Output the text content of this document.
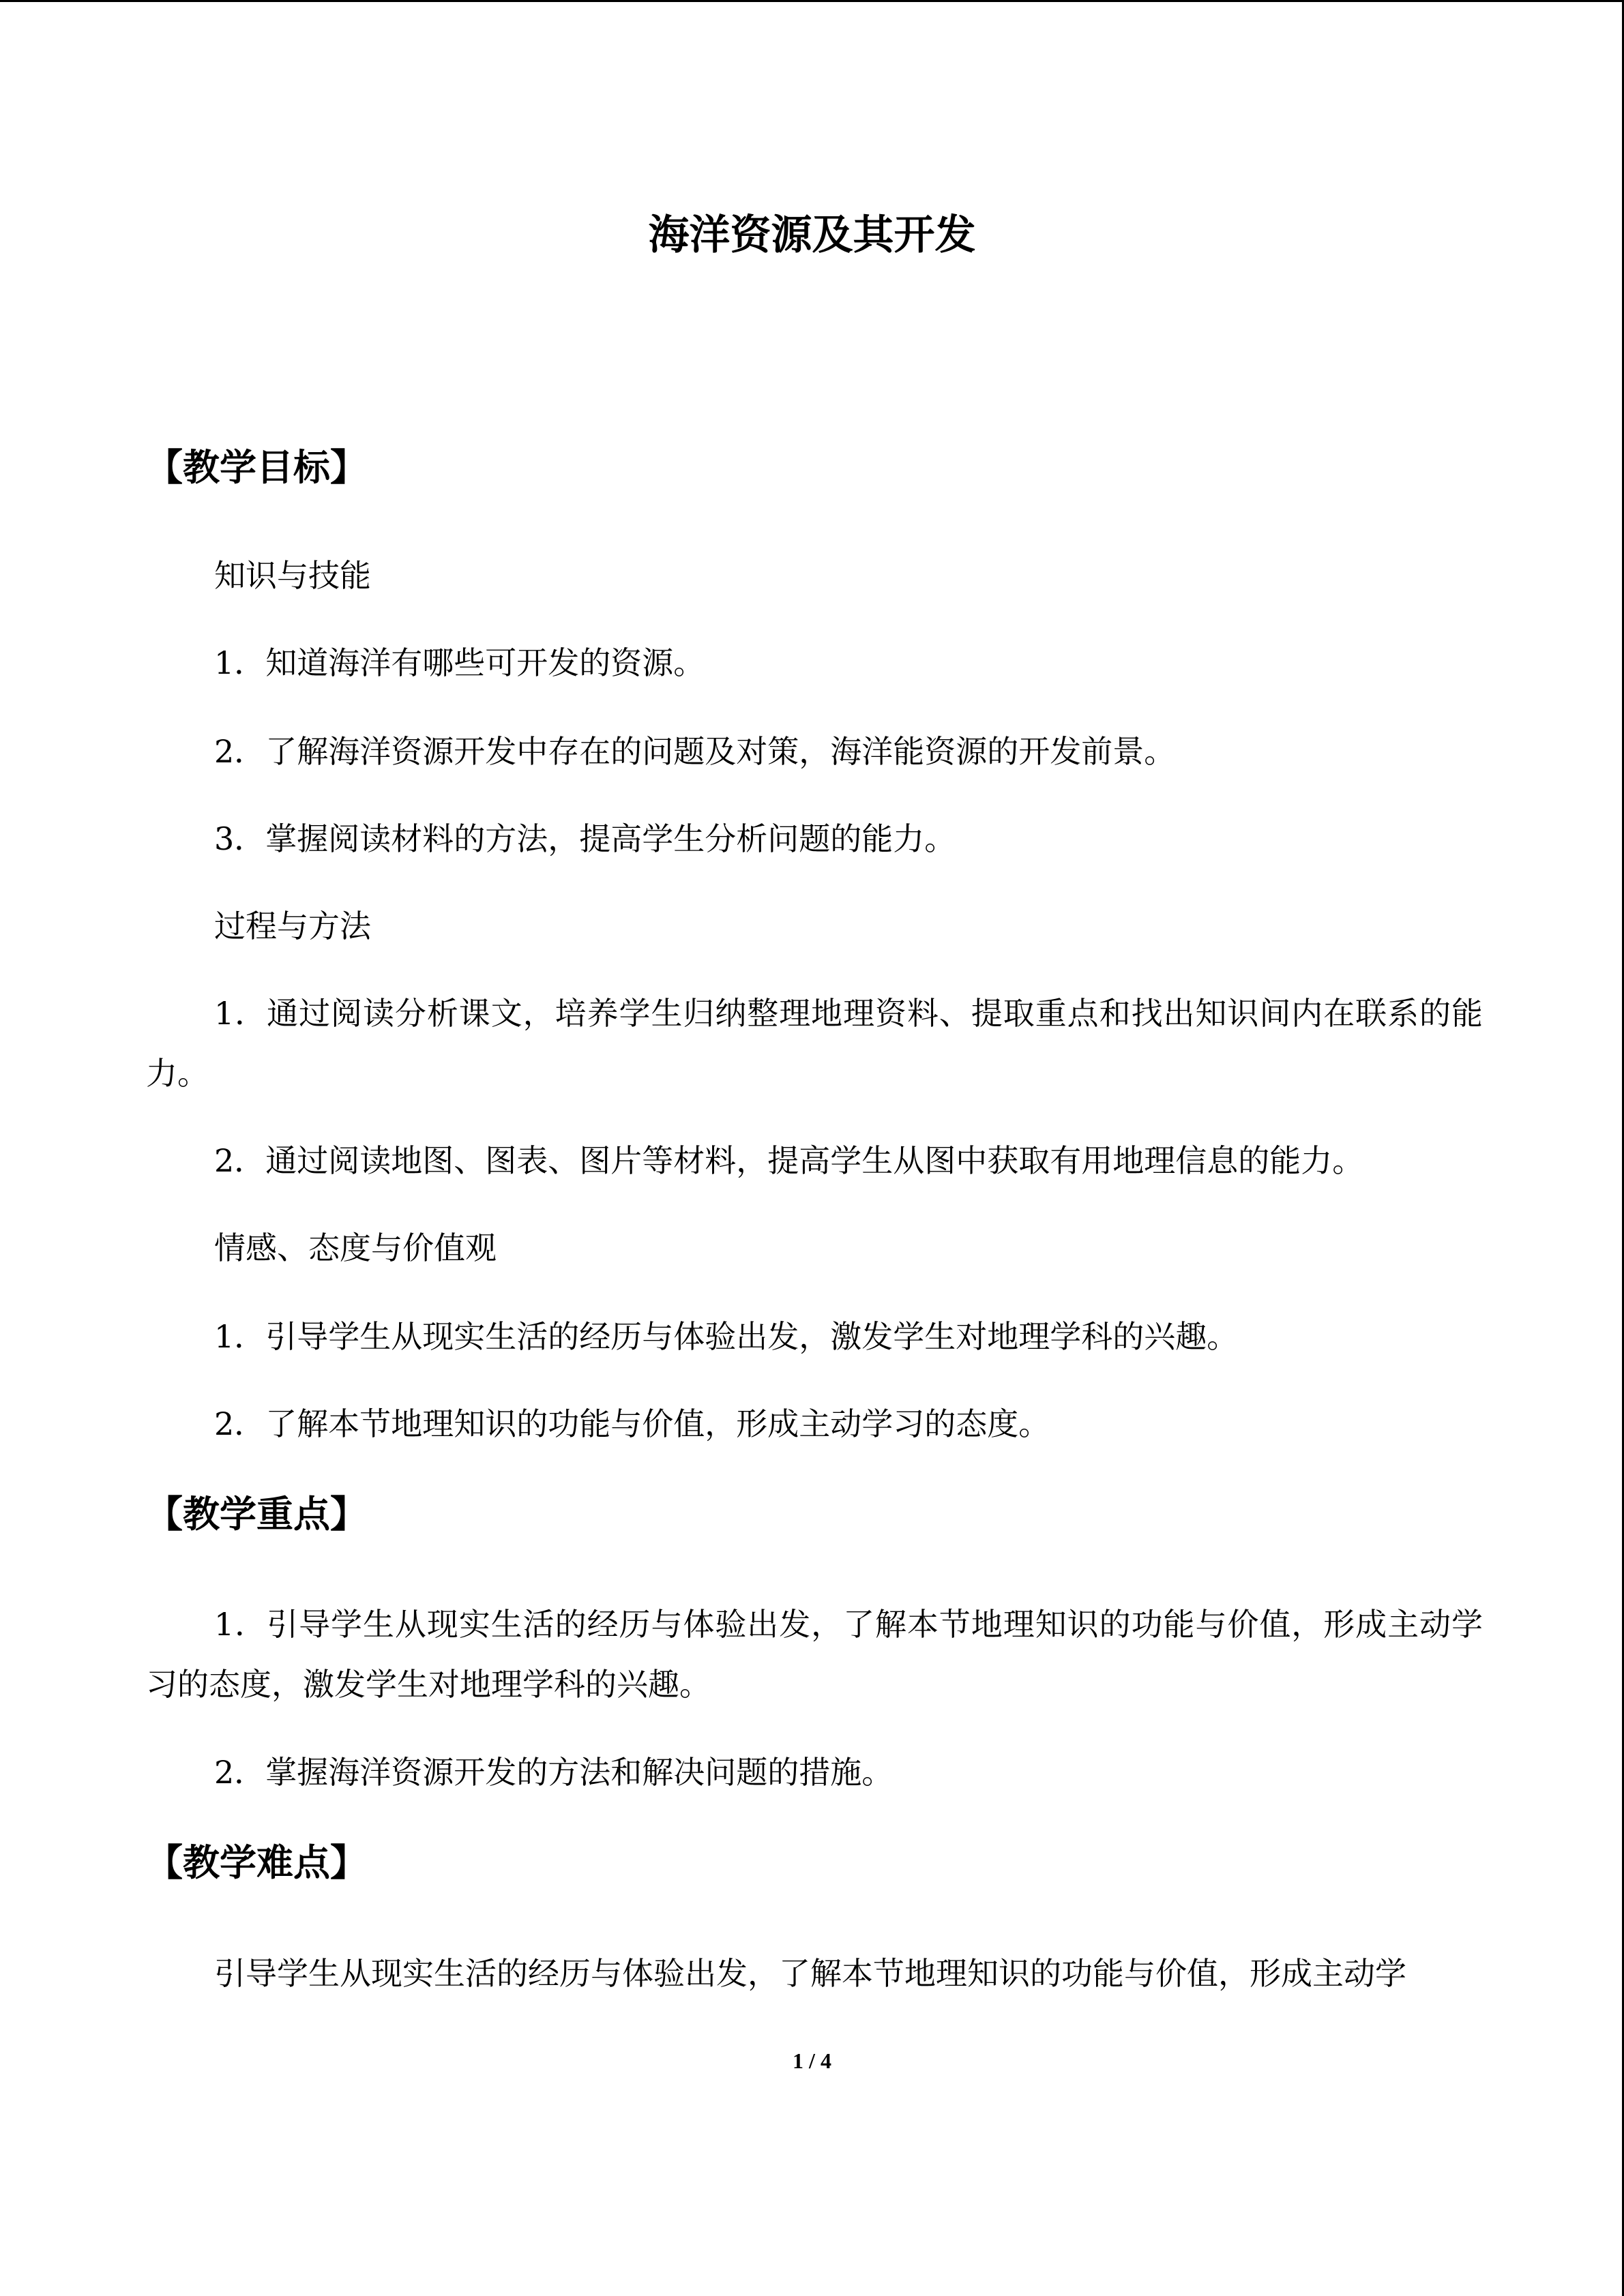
海洋资源及其开发
【教学目标】

知识与技能

1．知道海洋有哪些可开发的资源。

2．了解海洋资源开发中存在的问题及对策，海洋能资源的开发前景。

3．掌握阅读材料的方法，提高学生分析问题的能力。

过程与方法

1．通过阅读分析课文，培养学生归纳整理地理资料、提取重点和找出知识间内在联系的能力。

2．通过阅读地图、图表、图片等材料，提高学生从图中获取有用地理信息的能力。

情感、态度与价值观

1．引导学生从现实生活的经历与体验出发，激发学生对地理学科的兴趣。

2．了解本节地理知识的功能与价值，形成主动学习的态度。

【教学重点】

1．引导学生从现实生活的经历与体验出发，了解本节地理知识的功能与价值，形成主动学习的态度，激发学生对地理学科的兴趣。

2．掌握海洋资源开发的方法和解决问题的措施。

【教学难点】

引导学生从现实生活的经历与体验出发，了解本节地理知识的功能与价值，形成主动学

1 / 4
